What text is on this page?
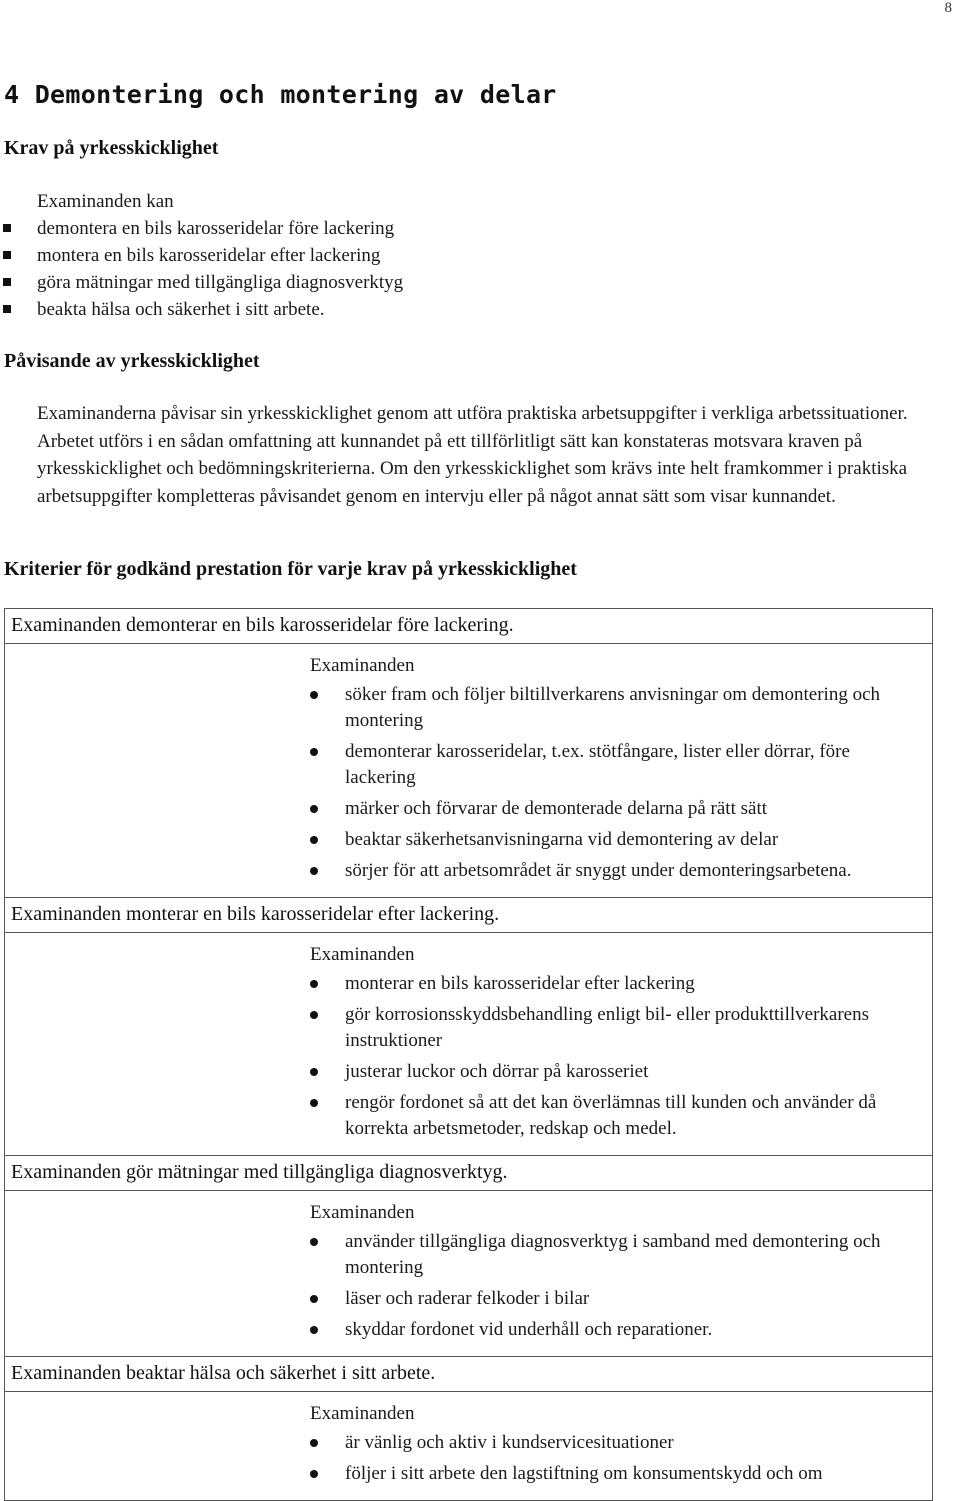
8
4 Demontering och montering av delar
Krav på yrkesskicklighet
Examinanden kan
demontera en bils karosseridelar före lackering
montera en bils karosseridelar efter lackering
göra mätningar med tillgängliga diagnosverktyg
beakta hälsa och säkerhet i sitt arbete.
Påvisande av yrkesskicklighet

Examinanderna påvisar sin yrkesskicklighet genom att utföra praktiska arbetsuppgifter i verkliga arbetssituationer. Arbetet utförs i en sådan omfattning att kunnandet på ett tillförlitligt sätt kan konstateras motsvara kraven på yrkesskicklighet och bedömningskriterierna. Om den yrkesskicklighet som krävs inte helt framkommer i praktiska arbetsuppgifter kompletteras påvisandet genom en intervju eller på något annat sätt som visar kunnandet.

Kriterier för godkänd prestation för varje krav på yrkesskicklighet
Examinanden demonterar en bils karosseridelar före lackering.
Examinanden
söker fram och följer biltillverkarens anvisningar om demontering och montering
demonterar karosseridelar, t.ex. stötfångare, lister eller dörrar, före lackering
märker och förvarar de demonterade delarna på rätt sätt
beaktar säkerhetsanvisningarna vid demontering av delar
sörjer för att arbetsområdet är snyggt under demonteringsarbetena.
Examinanden monterar en bils karosseridelar efter lackering.
Examinanden
monterar en bils karosseridelar efter lackering
gör korrosionsskyddsbehandling enligt bil- eller produkttillverkarens instruktioner
justerar luckor och dörrar på karosseriet
rengör fordonet så att det kan överlämnas till kunden och använder då korrekta arbetsmetoder, redskap och medel.
Examinanden gör mätningar med tillgängliga diagnosverktyg.
Examinanden
använder tillgängliga diagnosverktyg i samband med demontering och montering
läser och raderar felkoder i bilar
skyddar fordonet vid underhåll och reparationer.
Examinanden beaktar hälsa och säkerhet i sitt arbete.
Examinanden
är vänlig och aktiv i kundservicesituationer
följer i sitt arbete den lagstiftning om konsumentskydd och om
